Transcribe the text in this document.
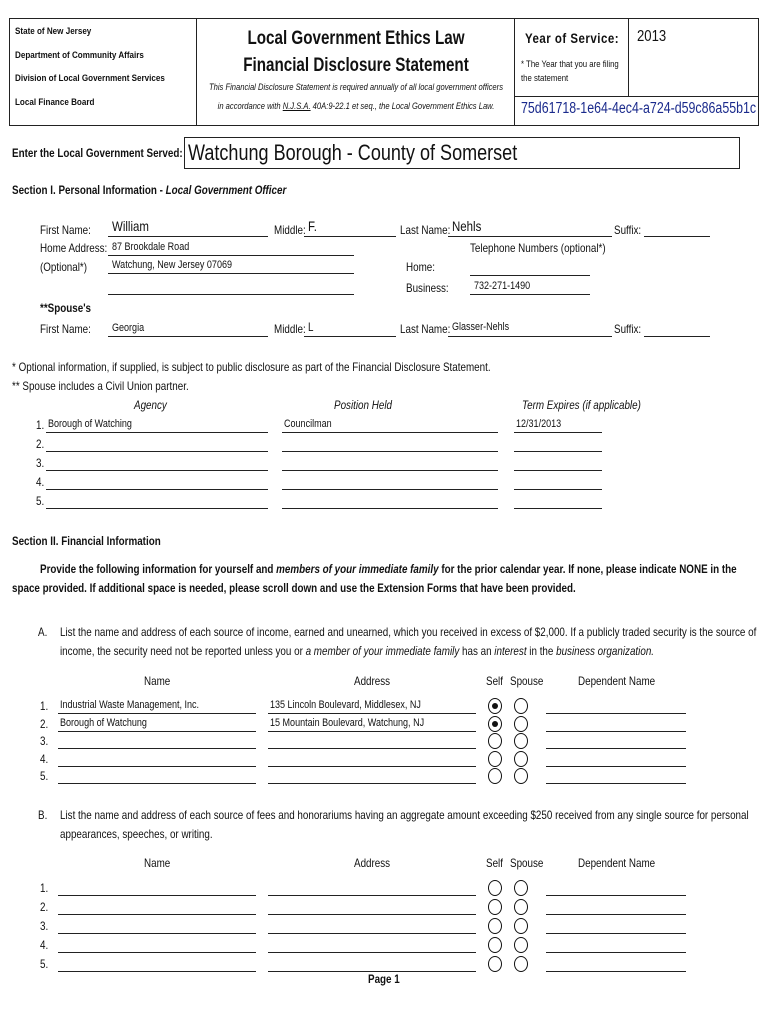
State of New Jersey
Department of Community Affairs
Division of Local Government Services
Local Finance Board
Local Government Ethics Law
Financial Disclosure Statement
This Financial Disclosure Statement is required annually of all local government officers
in accordance with N.J.S.A. 40A:9-22.1 et seq., the Local Government Ethics Law.
Year of Service: 2013
* The Year that you are filing the statement
75d61718-1e64-4ec4-a724-d59c86a55b1c
Enter the Local Government Served: Watchung Borough - County of Somerset
Section I. Personal Information - Local Government Officer
First Name: William	Middle: F.	Last Name: Nehls	Suffix:
Home Address: 87 Brookdale Road	Telephone Numbers (optional*)
(Optional*) Watchung, New Jersey 07069	Home:
Business: 732-271-1490
**Spouse's
First Name: Georgia	Middle: L	Last Name: Glasser-Nehls	Suffix:
* Optional information, if supplied, is subject to public disclosure as part of the Financial Disclosure Statement.
** Spouse includes a Civil Union partner.
Agency	Position Held	Term Expires (if applicable)
1. Borough of Watching	Councilman	12/31/2013
2.
3.
4.
5.
Section II. Financial Information
Provide the following information for yourself and members of your immediate family for the prior calendar year. If none, please indicate NONE in the
space provided. If additional space is needed, please scroll down and use the Extension Forms that have been provided.
A. List the name and address of each source of income, earned and unearned, which you received in excess of $2,000. If a publicly traded security is the source of
income, the security need not be reported unless you or a member of your immediate family has an interest in the business organization.
Name	Address	Self Spouse	Dependent Name
1. Industrial Waste Management, Inc.	135 Lincoln Boulevard, Middlesex, NJ
2. Borough of Watchung	15 Mountain Boulevard, Watchung, NJ
3.
4.
5.
B. List the name and address of each source of fees and honorariums having an aggregate amount exceeding $250 received from any single source for personal
appearances, speeches, or writing.
Name	Address	Self Spouse	Dependent Name
1.
2.
3.
4.
5.
Page 1
